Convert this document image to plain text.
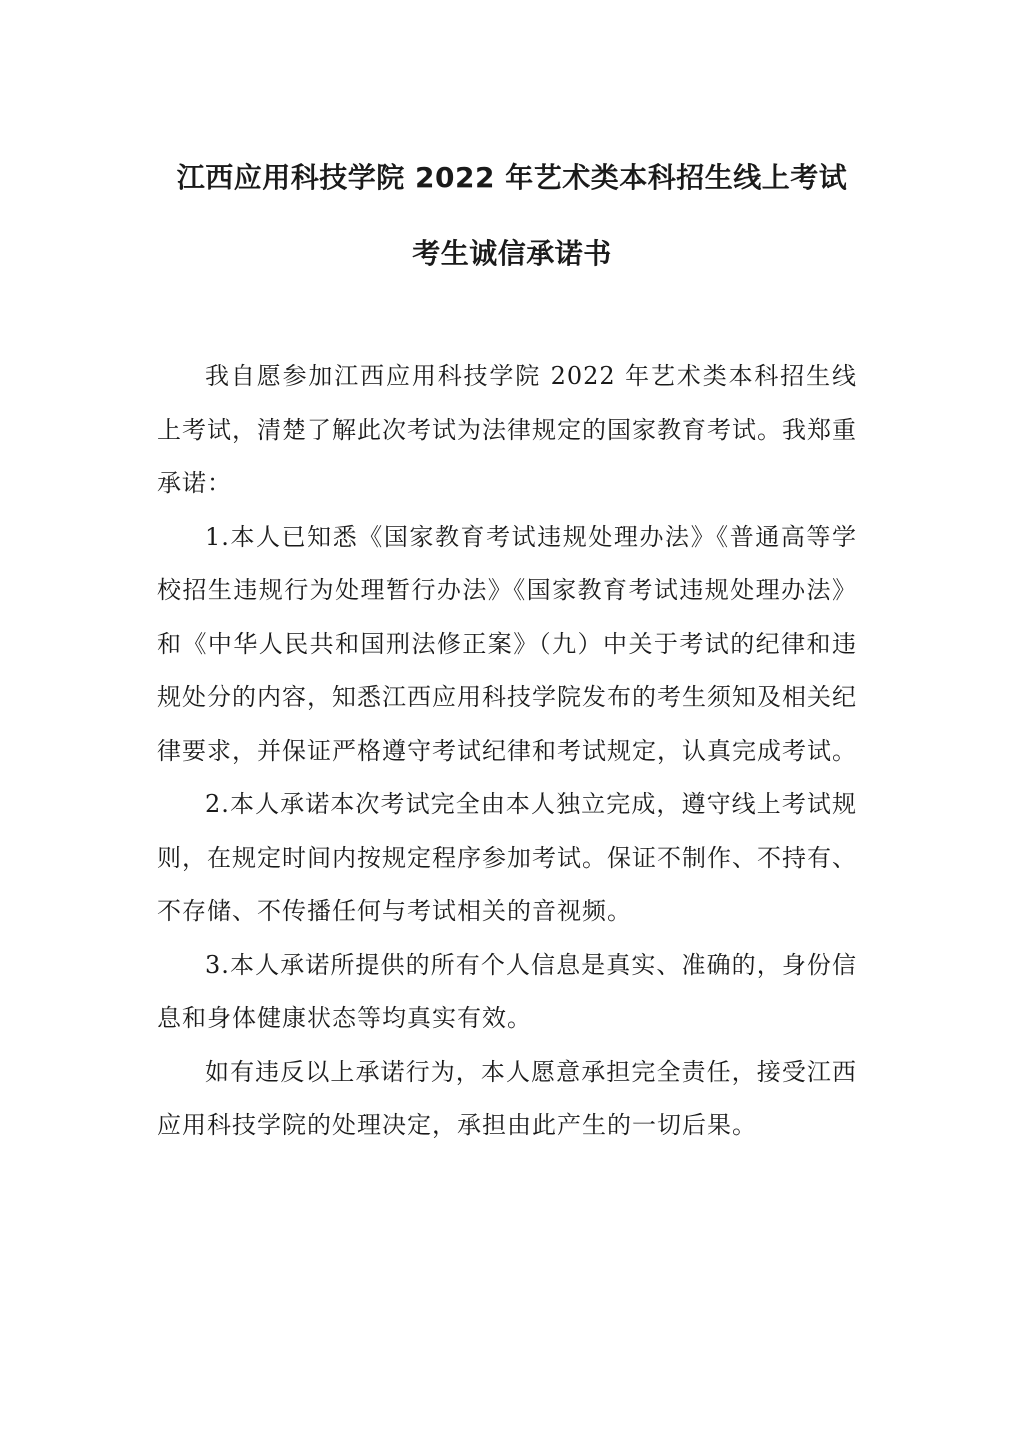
江西应用科技学院 2022 年艺术类本科招生线上考试
考生诚信承诺书

我自愿参加江西应用科技学院 2022 年艺术类本科招生线上考试，清楚了解此次考试为法律规定的国家教育考试。我郑重承诺：

1.本人已知悉《国家教育考试违规处理办法》《普通高等学校招生违规行为处理暂行办法》《国家教育考试违规处理办法》和《中华人民共和国刑法修正案》（九）中关于考试的纪律和违规处分的内容，知悉江西应用科技学院发布的考生须知及相关纪律要求，并保证严格遵守考试纪律和考试规定，认真完成考试。

2.本人承诺本次考试完全由本人独立完成，遵守线上考试规则，在规定时间内按规定程序参加考试。保证不制作、不持有、不存储、不传播任何与考试相关的音视频。

3.本人承诺所提供的所有个人信息是真实、准确的，身份信息和身体健康状态等均真实有效。

如有违反以上承诺行为，本人愿意承担完全责任，接受江西应用科技学院的处理决定，承担由此产生的一切后果。
